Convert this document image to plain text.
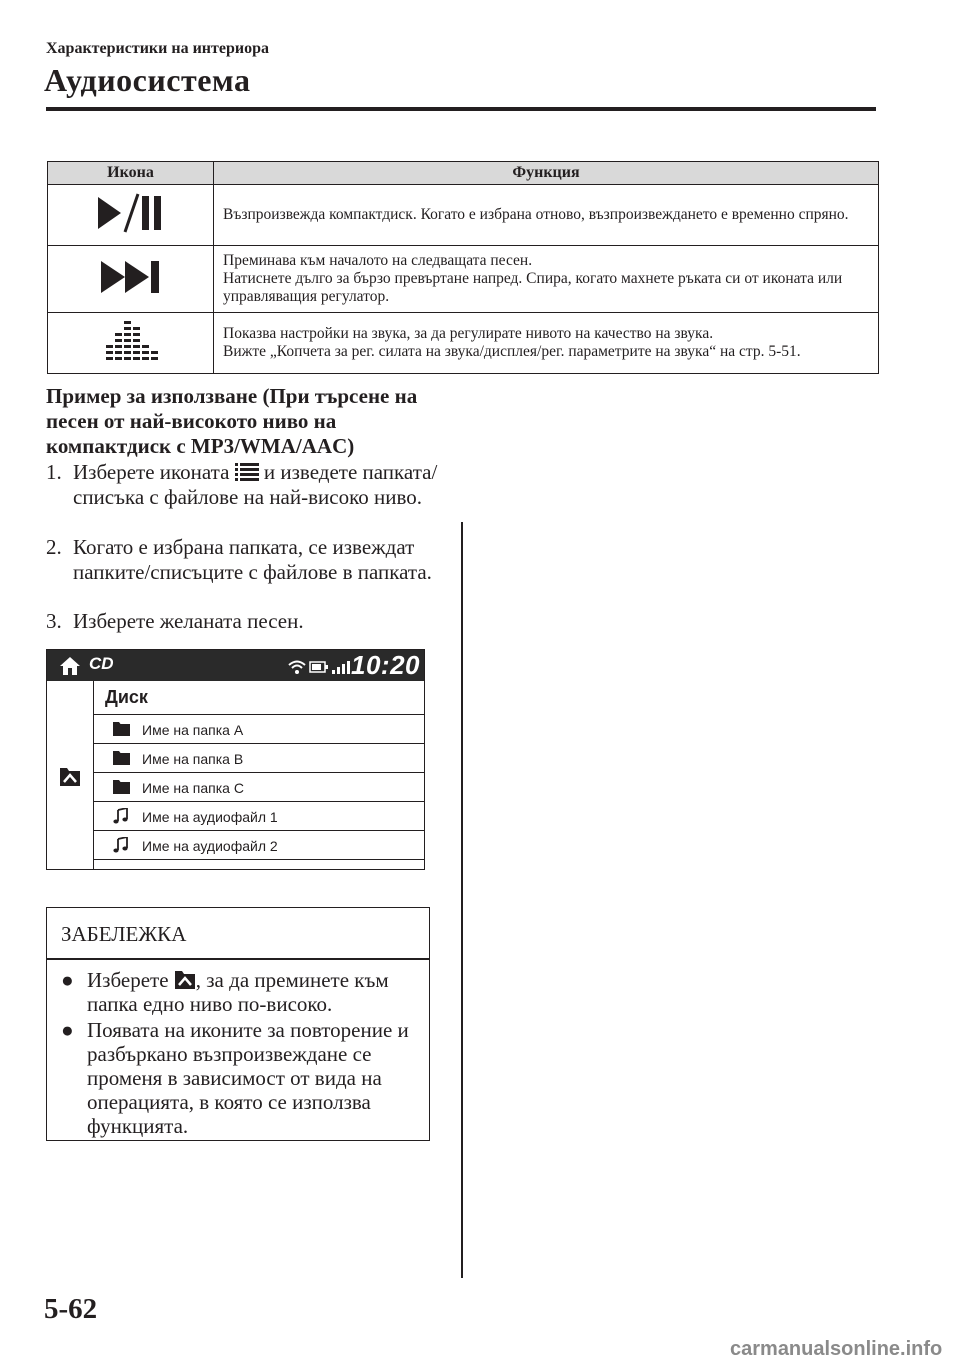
Характеристики на интериора
Аудиосистема
Икона	Функция
	Възпроизвежда компактдиск. Когато е избрана отново, възпроизвеждането е временно спряно.
	Преминава към началото на следващата песен.
Натиснете дълго за бързо превъртане напред. Спира, когато махнете ръката си от иконата или управляващия регулатор.
	Показва настройки на звука, за да регулирате нивото на качество на звука.
Вижте „Копчета за рег. силата на звука/дисплея/рег. параметрите на звука“ на стр. 5-51.
Пример за използване (При търсене на песен от най-високото ниво на компактдиск с MP3/WMA/AAC)
1. Изберете иконата и изведете папката/списъка с файлове на най-високо ниво.
2. Когато е избрана папката, се извеждат папките/списъците с файлове в папката.
3. Изберете желаната песен.
CD	10:20
Диск
Име на папка A
Име на папка B
Име на папка C
Име на аудиофайл 1
Име на аудиофайл 2
ЗАБЕЛЕЖКА
● Изберете , за да преминете към папка едно ниво по-високо.
● Появата на иконите за повторение и разбъркано възпроизвеждане се променя в зависимост от вида на операцията, в която се използва функцията.
5-62
carmanualsonline.info
